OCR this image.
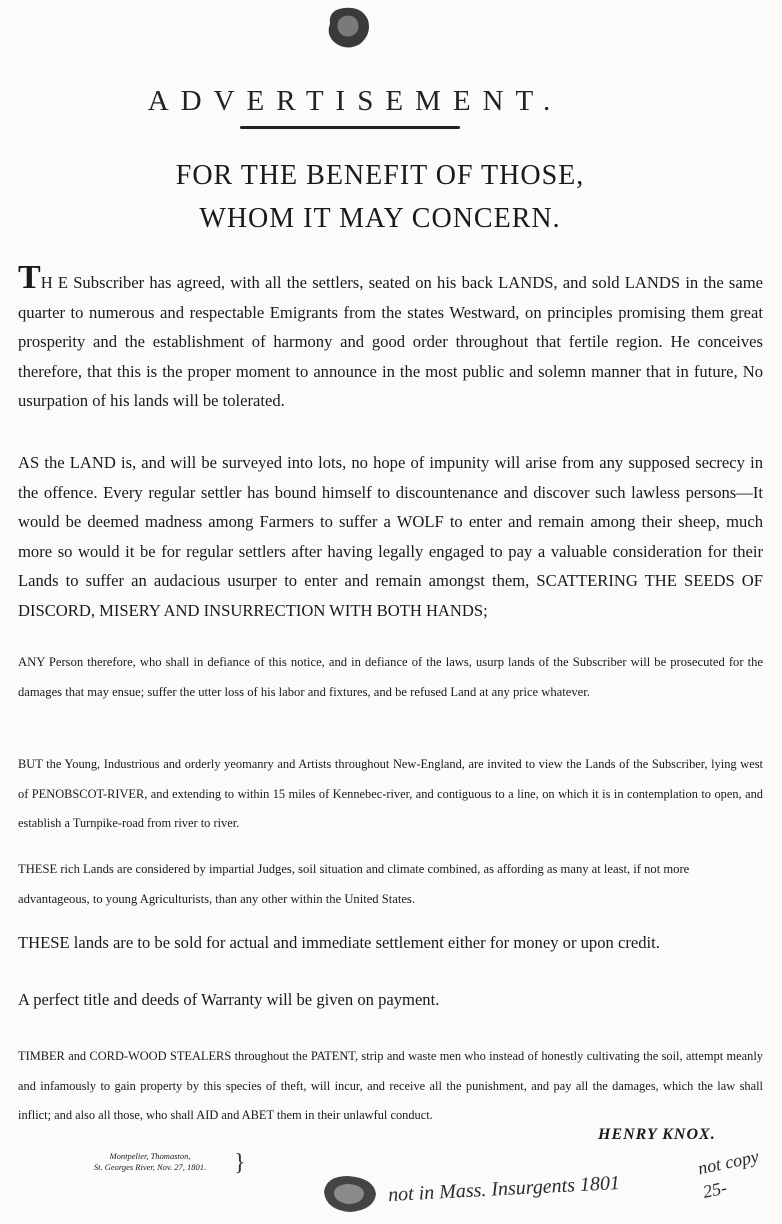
ADVERTISEMENT.
FOR THE BENEFIT OF THOSE,
WHOM IT MAY CONCERN.

TH E Subscriber has agreed, with all the settlers, seated on his back LANDS, and sold LANDS in the same quarter to numerous and respectable Emigrants from the states Westward, on principles promising them great prosperity and the establishment of harmony and good order throughout that fertile region. He conceives therefore, that this is the proper moment to announce in the most public and solemn manner that in future, No usurpation of his lands will be tolerated.

AS the LAND is, and will be surveyed into lots, no hope of impunity will arise from any supposed secrecy in the offence. Every regular settler has bound himself to discountenance and discover such lawless persons—It would be deemed madness among Farmers to suffer a WOLF to enter and remain among their sheep, much more so would it be for regular settlers after having legally engaged to pay a valuable consideration for their Lands to suffer an audacious usurper to enter and remain amongst them, SCATTERING THE SEEDS OF DISCORD, MISERY AND INSURRECTION WITH BOTH HANDS;

ANY Person therefore, who shall in defiance of this notice, and in defiance of the laws, usurp lands of the Subscriber will be prosecuted for the damages that may ensue; suffer the utter loss of his labor and fixtures, and be refused Land at any price whatever.

BUT the Young, Industrious and orderly yeomanry and Artists throughout New-England, are invited to view the Lands of the Subscriber, lying west of PENOBSCOT-RIVER, and extending to within 15 miles of Kennebec-river, and contiguous to a line, on which it is in contemplation to open, and establish a Turnpike-road from river to river.

THESE rich Lands are considered by impartial Judges, soil situation and climate combined, as affording as many at least, if not more advantageous, to young Agriculturists, than any other within the United States.

THESE lands are to be sold for actual and immediate settlement either for money or upon credit.

A perfect title and deeds of Warranty will be given on payment.

TIMBER and CORD-WOOD STEALERS throughout the PATENT, strip and waste men who instead of honestly cultivating the soil, attempt meanly and infamously to gain property by this species of theft, will incur, and receive all the punishment, and pay all the damages, which the law shall inflict; and also all those, who shall AID and ABET them in their unlawful conduct.

HENRY KNOX.
Montpelier, Thomaston,
St. Georges River, Nov. 27, 1801.	}
not in Mass. Insurgents 1801
not copy
25-
